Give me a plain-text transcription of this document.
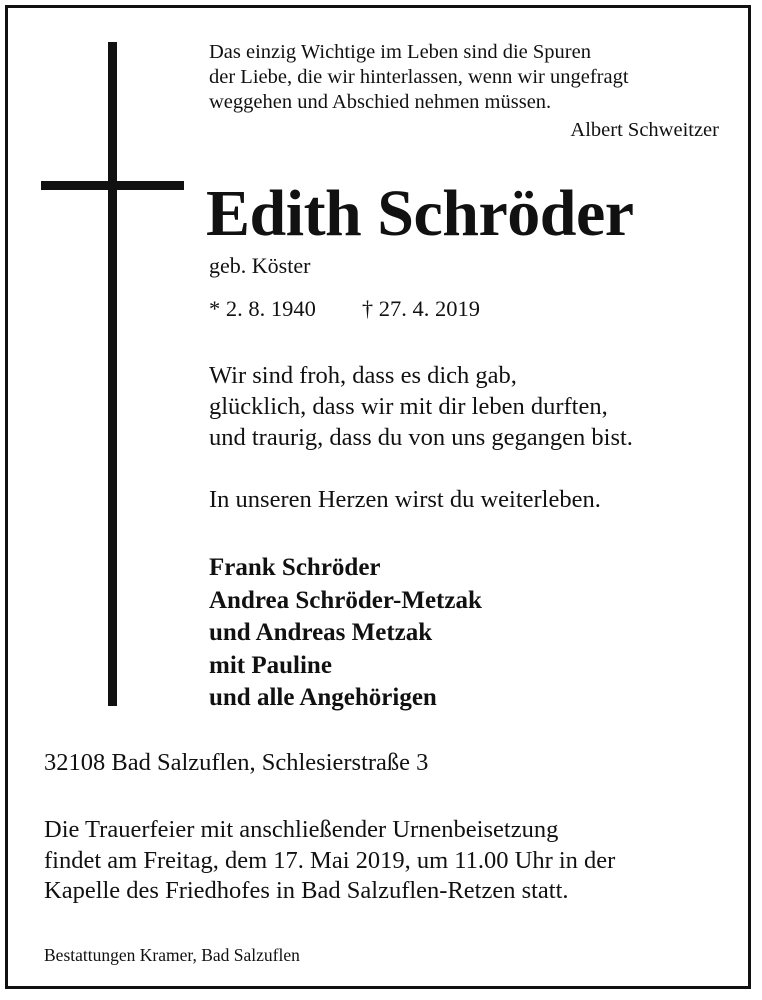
Das einzig Wichtige im Leben sind die Spuren
der Liebe, die wir hinterlassen, wenn wir ungefragt
weggehen und Abschied nehmen müssen.
Albert Schweitzer
Edith Schröder
geb. Köster
* 2. 8. 1940 † 27. 4. 2019
Wir sind froh, dass es dich gab,
glücklich, dass wir mit dir leben durften,
und traurig, dass du von uns gegangen bist.
In unseren Herzen wirst du weiterleben.
Frank Schröder
Andrea Schröder-Metzak
und Andreas Metzak
mit Pauline
und alle Angehörigen
32108 Bad Salzuflen, Schlesierstraße 3
Die Trauerfeier mit anschließender Urnenbeisetzung
findet am Freitag, dem 17. Mai 2019, um 11.00 Uhr in der
Kapelle des Friedhofes in Bad Salzuflen-Retzen statt.
Bestattungen Kramer, Bad Salzuflen
